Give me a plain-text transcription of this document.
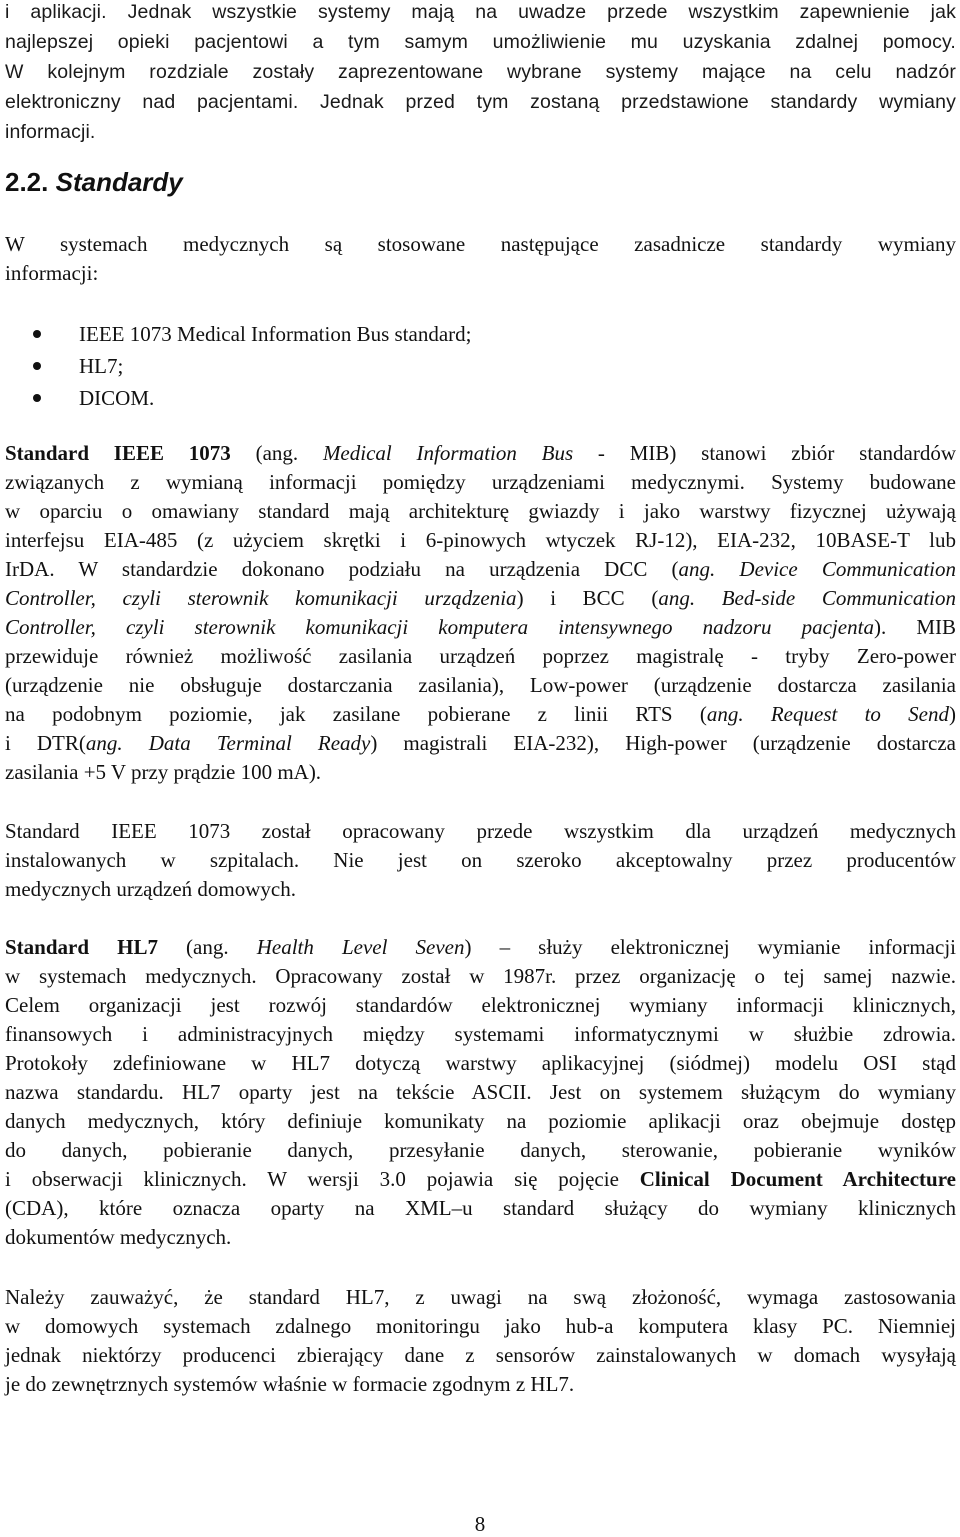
i aplikacji. Jednak wszystkie systemy mają na uwadze przede wszystkim zapewnienie jak
najlepszej opieki pacjentowi a tym samym umożliwienie mu uzyskania zdalnej pomocy.
W kolejnym rozdziale zostały zaprezentowane wybrane systemy mające na celu nadzór
elektroniczny nad pacjentami. Jednak przed tym zostaną przedstawione standardy wymiany
informacji.
2.2. Standardy
W systemach medycznych są stosowane następujące zasadnicze standardy wymiany
informacji:
IEEE 1073 Medical Information Bus standard;
HL7;
DICOM.
Standard IEEE 1073 (ang. Medical Information Bus - MIB) stanowi zbiór standardów
związanych z wymianą informacji pomiędzy urządzeniami medycznymi. Systemy budowane
w oparciu o omawiany standard mają architekturę gwiazdy i jako warstwy fizycznej używają
interfejsu EIA-485 (z użyciem skrętki i 6-pinowych wtyczek RJ-12), EIA-232, 10BASE-T lub
IrDA. W standardzie dokonano podziału na urządzenia DCC (ang. Device Communication
Controller, czyli sterownik komunikacji urządzenia) i BCC (ang. Bed-side Communication
Controller, czyli sterownik komunikacji komputera intensywnego nadzoru pacjenta). MIB
przewiduje również możliwość zasilania urządzeń poprzez magistralę - tryby Zero-power
(urządzenie nie obsługuje dostarczania zasilania), Low-power (urządzenie dostarcza zasilania
na podobnym poziomie, jak zasilane pobierane z linii RTS (ang. Request to Send)
i DTR(ang. Data Terminal Ready) magistrali EIA-232), High-power (urządzenie dostarcza
zasilania +5 V przy prądzie 100 mA).
Standard IEEE 1073 został opracowany przede wszystkim dla urządzeń medycznych
instalowanych w szpitalach. Nie jest on szeroko akceptowalny przez producentów
medycznych urządzeń domowych.
Standard HL7 (ang. Health Level Seven) – służy elektronicznej wymianie informacji
w systemach medycznych. Opracowany został w 1987r. przez organizację o tej samej nazwie.
Celem organizacji jest rozwój standardów elektronicznej wymiany informacji klinicznych,
finansowych i administracyjnych między systemami informatycznymi w służbie zdrowia.
Protokoły zdefiniowane w HL7 dotyczą warstwy aplikacyjnej (siódmej) modelu OSI stąd
nazwa standardu. HL7 oparty jest na tekście ASCII. Jest on systemem służącym do wymiany
danych medycznych, który definiuje komunikaty na poziomie aplikacji oraz obejmuje dostęp
do danych, pobieranie danych, przesyłanie danych, sterowanie, pobieranie wyników
i obserwacji klinicznych. W wersji 3.0 pojawia się pojęcie Clinical Document Architecture
(CDA), które oznacza oparty na XML–u standard służący do wymiany klinicznych
dokumentów medycznych.
Należy zauważyć, że standard HL7, z uwagi na swą złożoność, wymaga zastosowania
w domowych systemach zdalnego monitoringu jako hub-a komputera klasy PC. Niemniej
jednak niektórzy producenci zbierający dane z sensorów zainstalowanych w domach wysyłają
je do zewnętrznych systemów właśnie w formacie zgodnym z HL7.
8
